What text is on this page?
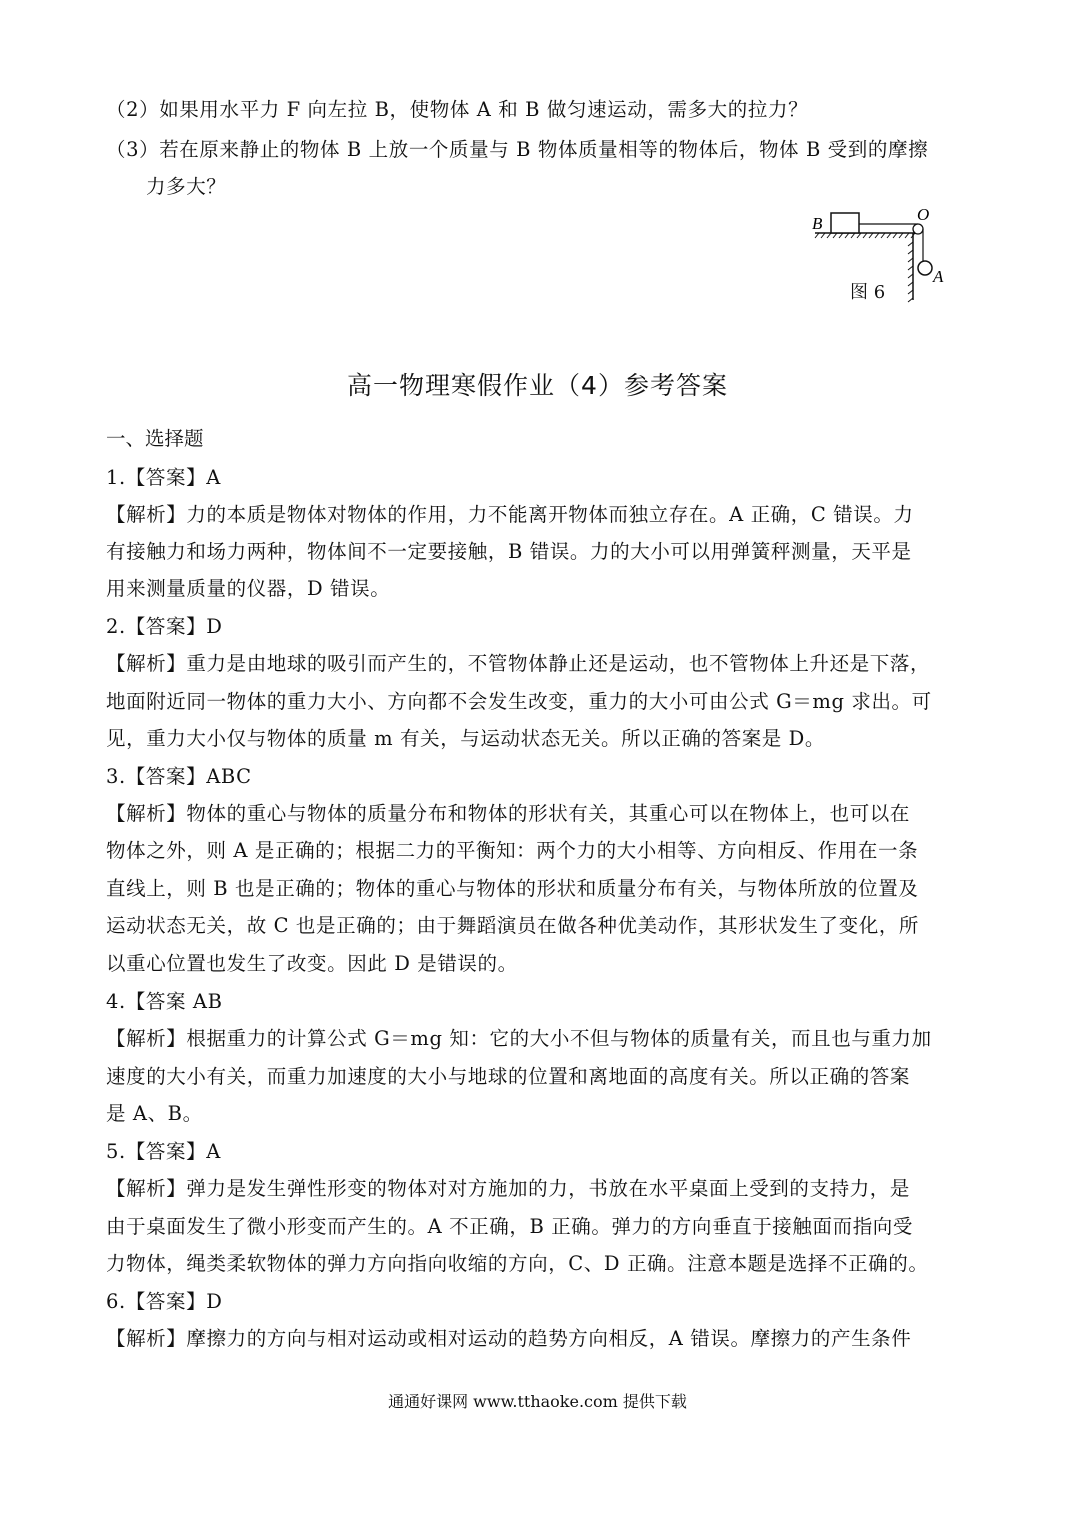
（2）如果用水平力 F 向左拉 B，使物体 A 和 B 做匀速运动，需多大的拉力？
（3）若在原来静止的物体 B 上放一个质量与 B 物体质量相等的物体后，物体 B 受到的摩擦
力多大？
B	O
A
图 6
高一物理寒假作业（4）参考答案
一、选择题
1.【答案】A
【解析】力的本质是物体对物体的作用，力不能离开物体而独立存在。A 正确，C 错误。力
有接触力和场力两种，物体间不一定要接触，B 错误。力的大小可以用弹簧秤测量，天平是
用来测量质量的仪器，D 错误。
2.【答案】D
【解析】重力是由地球的吸引而产生的，不管物体静止还是运动，也不管物体上升还是下落，
地面附近同一物体的重力大小、方向都不会发生改变，重力的大小可由公式 G＝mg 求出。可
见，重力大小仅与物体的质量 m 有关，与运动状态无关。所以正确的答案是 D。
3.【答案】ABC
【解析】物体的重心与物体的质量分布和物体的形状有关，其重心可以在物体上，也可以在
物体之外，则 A 是正确的；根据二力的平衡知：两个力的大小相等、方向相反、作用在一条
直线上，则 B 也是正确的；物体的重心与物体的形状和质量分布有关，与物体所放的位置及
运动状态无关，故 C 也是正确的；由于舞蹈演员在做各种优美动作，其形状发生了变化，所
以重心位置也发生了改变。因此 D 是错误的。
4.【答案 AB
【解析】根据重力的计算公式 G＝mg 知：它的大小不但与物体的质量有关，而且也与重力加
速度的大小有关，而重力加速度的大小与地球的位置和离地面的高度有关。所以正确的答案
是 A、B。
5.【答案】A
【解析】弹力是发生弹性形变的物体对对方施加的力，书放在水平桌面上受到的支持力，是
由于桌面发生了微小形变而产生的。A 不正确，B 正确。弹力的方向垂直于接触面而指向受
力物体，绳类柔软物体的弹力方向指向收缩的方向，C、D 正确。注意本题是选择不正确的。
6.【答案】D
【解析】摩擦力的方向与相对运动或相对运动的趋势方向相反，A 错误。摩擦力的产生条件
通通好课网 www.tthaoke.com 提供下载
